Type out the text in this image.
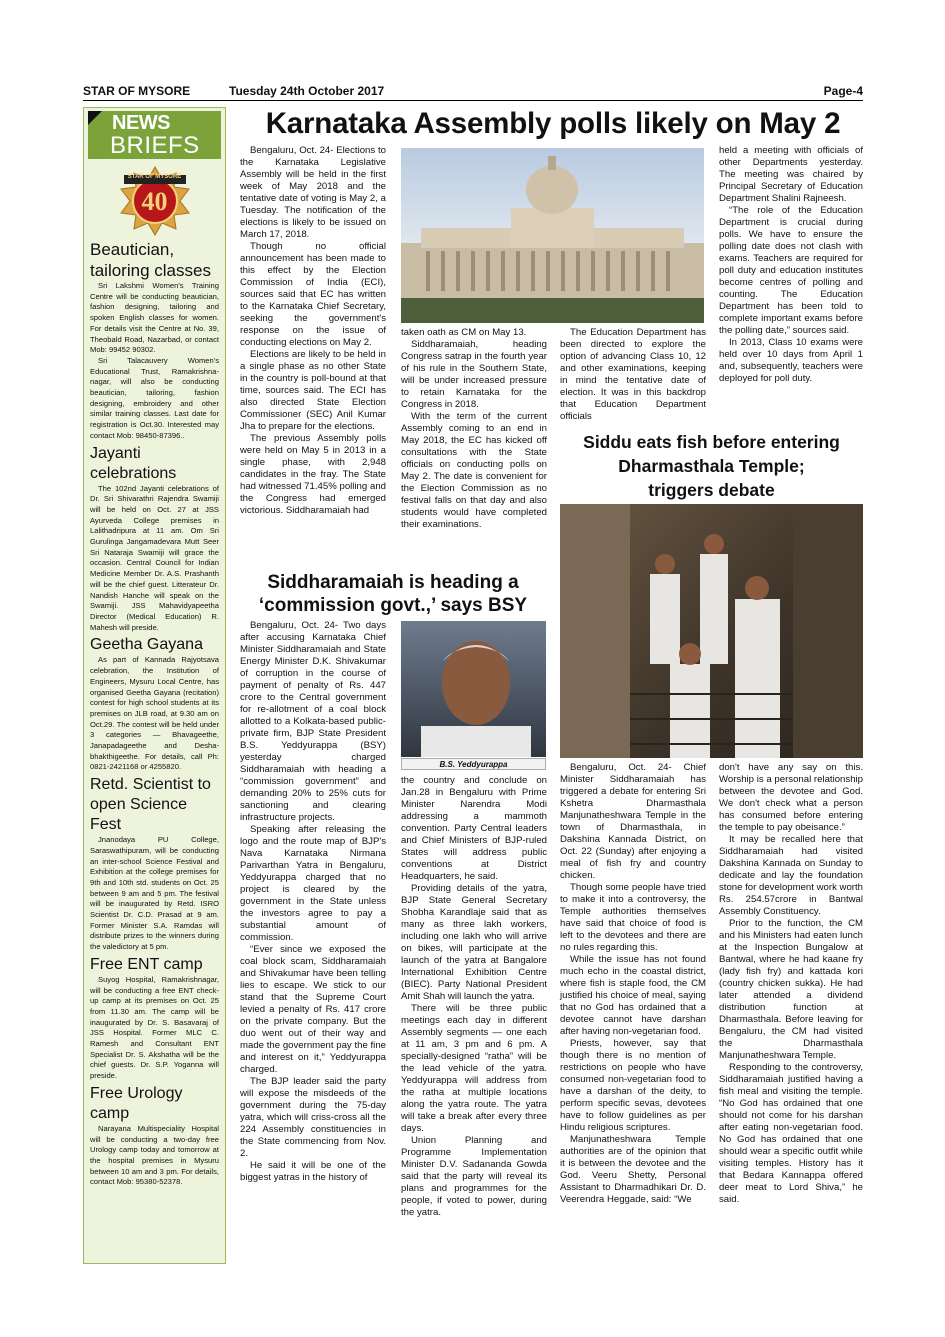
STAR OF MYSORE	Tuesday 24th October 2017	Page-4
NEWS
BRIEFS
STAR OF MYSORE
40
Beautician, tailoring classes

Sri Lakshmi Women's Training Centre will be conducting beautician, fashion designing, tailoring and spoken English classes for women. For details visit the Centre at No. 39, Theobald Road, Nazarbad, or contact Mob: 99452 90302.

Sri Talacauvery Women's Educational Trust, Ramakrishna-nagar, will also be conducting beautician, tailoring, fashion designing, embroidery and other similar training classes. Last date for registration is Oct.30. Interested may contact Mob: 98450-87396..

Jayanti celebrations

The 102nd Jayanti celebrations of Dr. Sri Shivarathri Rajendra Swamiji will be held on Oct. 27 at JSS Ayurveda College premises in Lalithadripura at 11 am. Om Sri Gurulinga Jangamadevara Mutt Seer Sri Nataraja Swamiji will grace the occasion. Central Council for Indian Medicine Member Dr. A.S. Prashanth will be the chief guest. Litterateur Dr. Nandish Hanche will speak on the Swamiji. JSS Mahavidyapeetha Director (Medical Education) R. Mahesh will preside.

Geetha Gayana

As part of Kannada Rajyotsava celebration, the Institution of Engineers, Mysuru Local Centre, has organised Geetha Gayana (recitation) contest for high school students at its premises on JLB road, at 9.30 am on Oct.29. The contest will be held under 3 categories — Bhavageethe, Janapadageethe and Desha-bhakthigeethe. For details, call Ph: 0821-2421168 or 4255820.

Retd. Scientist to open Science Fest

Jnanodaya PU College, Saraswathipuram, will be conducting an inter-school Science Festival and Exhibition at the college premises for 9th and 10th std. students on Oct. 25 between 9 am and 5 pm. The festival will be inaugurated by Retd. ISRO Scientist Dr. C.D. Prasad at 9 am. Former Minister S.A. Ramdas will distribute prizes to the winners during the valedictory at 5 pm.

Free ENT camp

Suyog Hospital, Ramakrishnagar, will be conducting a free ENT check-up camp at its premises on Oct. 25 from 11.30 am. The camp will be inaugurated by Dr. S. Basavaraj of JSS Hospital. Former MLC C. Ramesh and Consultant ENT Specialist Dr. S. Akshatha will be the chief guests. Dr. S.P. Yoganna will preside.

Free Urology camp

Narayana Multispeciality Hospital will be conducting a two-day free Urology camp today and tomorrow at the hospital premises in Mysuru between 10 am and 3 pm. For details, contact Mob: 95380-52378.

Karnataka Assembly polls likely on May 2

Bengaluru, Oct. 24- Elections to the Karnataka Legislative Assembly will be held in the first week of May 2018 and the tentative date of voting is May 2, a Tuesday. The notification of the elections is likely to be issued on March 17, 2018.

Though no official announcement has been made to this effect by the Election Commission of India (ECI), sources said that EC has written to the Karnataka Chief Secretary, seeking the government's response on the issue of conducting elections on May 2.

Elections are likely to be held in a single phase as no other State in the country is poll-bound at that time, sources said. The ECI has also directed State Election Commissioner (SEC) Anil Kumar Jha to prepare for the elections.

The previous Assembly polls were held on May 5 in 2013 in a single phase, with 2,948 candidates in the fray. The State had witnessed 71.45% polling and the Congress had emerged victorious. Siddharamaiah had

taken oath as CM on May 13.

Siddharamaiah, heading Congress satrap in the fourth year of his rule in the Southern State, will be under increased pressure to retain Karnataka for the Congress in 2018.

With the term of the current Assembly coming to an end in May 2018, the EC has kicked off consultations with the State officials on conducting polls on May 2. The date is convenient for the Election Commission as no festival falls on that day and also students would have completed their examinations.

The Education Department has been directed to explore the option of advancing Class 10, 12 and other examinations, keeping in mind the tentative date of election. It was in this backdrop that Education Department officials

held a meeting with officials of other Departments yesterday. The meeting was chaired by Principal Secretary of Education Department Shalini Rajneesh.

“The role of the Education Department is crucial during polls. We have to ensure the polling date does not clash with exams. Teachers are required for poll duty and education institutes become centres of polling and counting. The Education Department has been told to complete important exams before the polling date,” sources said.

In 2013, Class 10 exams were held over 10 days from April 1 and, subsequently, teachers were deployed for poll duty.

Siddharamaiah is heading a
‘commission govt.,’ says BSY

Bengaluru, Oct. 24- Two days after accusing Karnataka Chief Minister Siddharamaiah and State Energy Minister D.K. Shivakumar of corruption in the course of payment of penalty of Rs. 447 crore to the Central government for re-allotment of a coal block allotted to a Kolkata-based public-private firm, BJP State President B.S. Yeddyurappa (BSY) yesterday charged Siddharamaiah with heading a “commission government” and demanding 20% to 25% cuts for sanctioning and clearing infrastructure projects.

Speaking after releasing the logo and the route map of BJP's Nava Karnataka Nirmana Parivarthan Yatra in Bengaluru, Yeddyurappa charged that no project is cleared by the government in the State unless the investors agree to pay a substantial amount of commission.

“Ever since we exposed the coal block scam, Siddharamaiah and Shivakumar have been telling lies to escape. We stick to our stand that the Supreme Court levied a penalty of Rs. 417 crore on the private company. But the duo went out of their way and made the government pay the fine and interest on it,” Yeddyurappa charged.

The BJP leader said the party will expose the misdeeds of the government during the 75-day yatra, which will criss-cross all the 224 Assembly constituencies in the State commencing from Nov. 2.

He said it will be one of the biggest yatras in the history of

B.S. Yeddyurappa

the country and conclude on Jan.28 in Bengaluru with Prime Minister Narendra Modi addressing a mammoth convention. Party Central leaders and Chief Ministers of BJP-ruled States will address public conventions at District Headquarters, he said.

Providing details of the yatra, BJP State General Secretary Shobha Karandlaje said that as many as three lakh workers, including one lakh who will arrive on bikes, will participate at the launch of the yatra at Bangalore International Exhibition Centre (BIEC). Party National President Amit Shah will launch the yatra.

There will be three public meetings each day in different Assembly segments — one each at 11 am, 3 pm and 6 pm. A specially-designed “ratha” will be the lead vehicle of the yatra. Yeddyurappa will address from the ratha at multiple locations along the yatra route. The yatra will take a break after every three days.

Union Planning and Programme Implementation Minister D.V. Sadananda Gowda said that the party will reveal its plans and programmes for the people, if voted to power, during the yatra.

Siddu eats fish before entering
Dharmasthala Temple;
triggers debate

Bengaluru, Oct. 24- Chief Minister Siddharamaiah has triggered a debate for entering Sri Kshetra Dharmasthala Manjunatheshwara Temple in the town of Dharmasthala, in Dakshina Kannada District, on Oct. 22 (Sunday) after enjoying a meal of fish fry and country chicken.

Though some people have tried to make it into a controversy, the Temple authorities themselves have said that choice of food is left to the devotees and there are no rules regarding this.

While the issue has not found much echo in the coastal district, where fish is staple food, the CM justified his choice of meal, saying that no God has ordained that a devotee cannot have darshan after having non-vegetarian food.

Priests, however, say that though there is no mention of restrictions on people who have consumed non-vegetarian food to have a darshan of the deity, to perform specific sevas, devotees have to follow guidelines as per Hindu religious scriptures.

Manjunatheshwara Temple authorities are of the opinion that it is between the devotee and the God. Veeru Shetty, Personal Assistant to Dharmadhikari Dr. D. Veerendra Heggade, said: “We

don't have any say on this. Worship is a personal relationship between the devotee and God. We don't check what a person has consumed before entering the temple to pay obeisance.”

It may be recalled here that Siddharamaiah had visited Dakshina Kannada on Sunday to dedicate and lay the foundation stone for development work worth Rs. 254.57crore in Bantwal Assembly Constituency.

Prior to the function, the CM and his Ministers had eaten lunch at the Inspection Bungalow at Bantwal, where he had kaane fry (lady fish fry) and kattada kori (country chicken sukka). He had later attended a dividend distribution function at Dharmasthala. Before leaving for Bengaluru, the CM had visited the Dharmasthala Manjunatheshwara Temple.

Responding to the controversy, Siddharamaiah justified having a fish meal and visiting the temple. “No God has ordained that one should not come for his darshan after eating non-vegetarian food. No God has ordained that one should wear a specific outfit while visiting temples. History has it that Bedara Kannappa offered deer meat to Lord Shiva,” he said.
